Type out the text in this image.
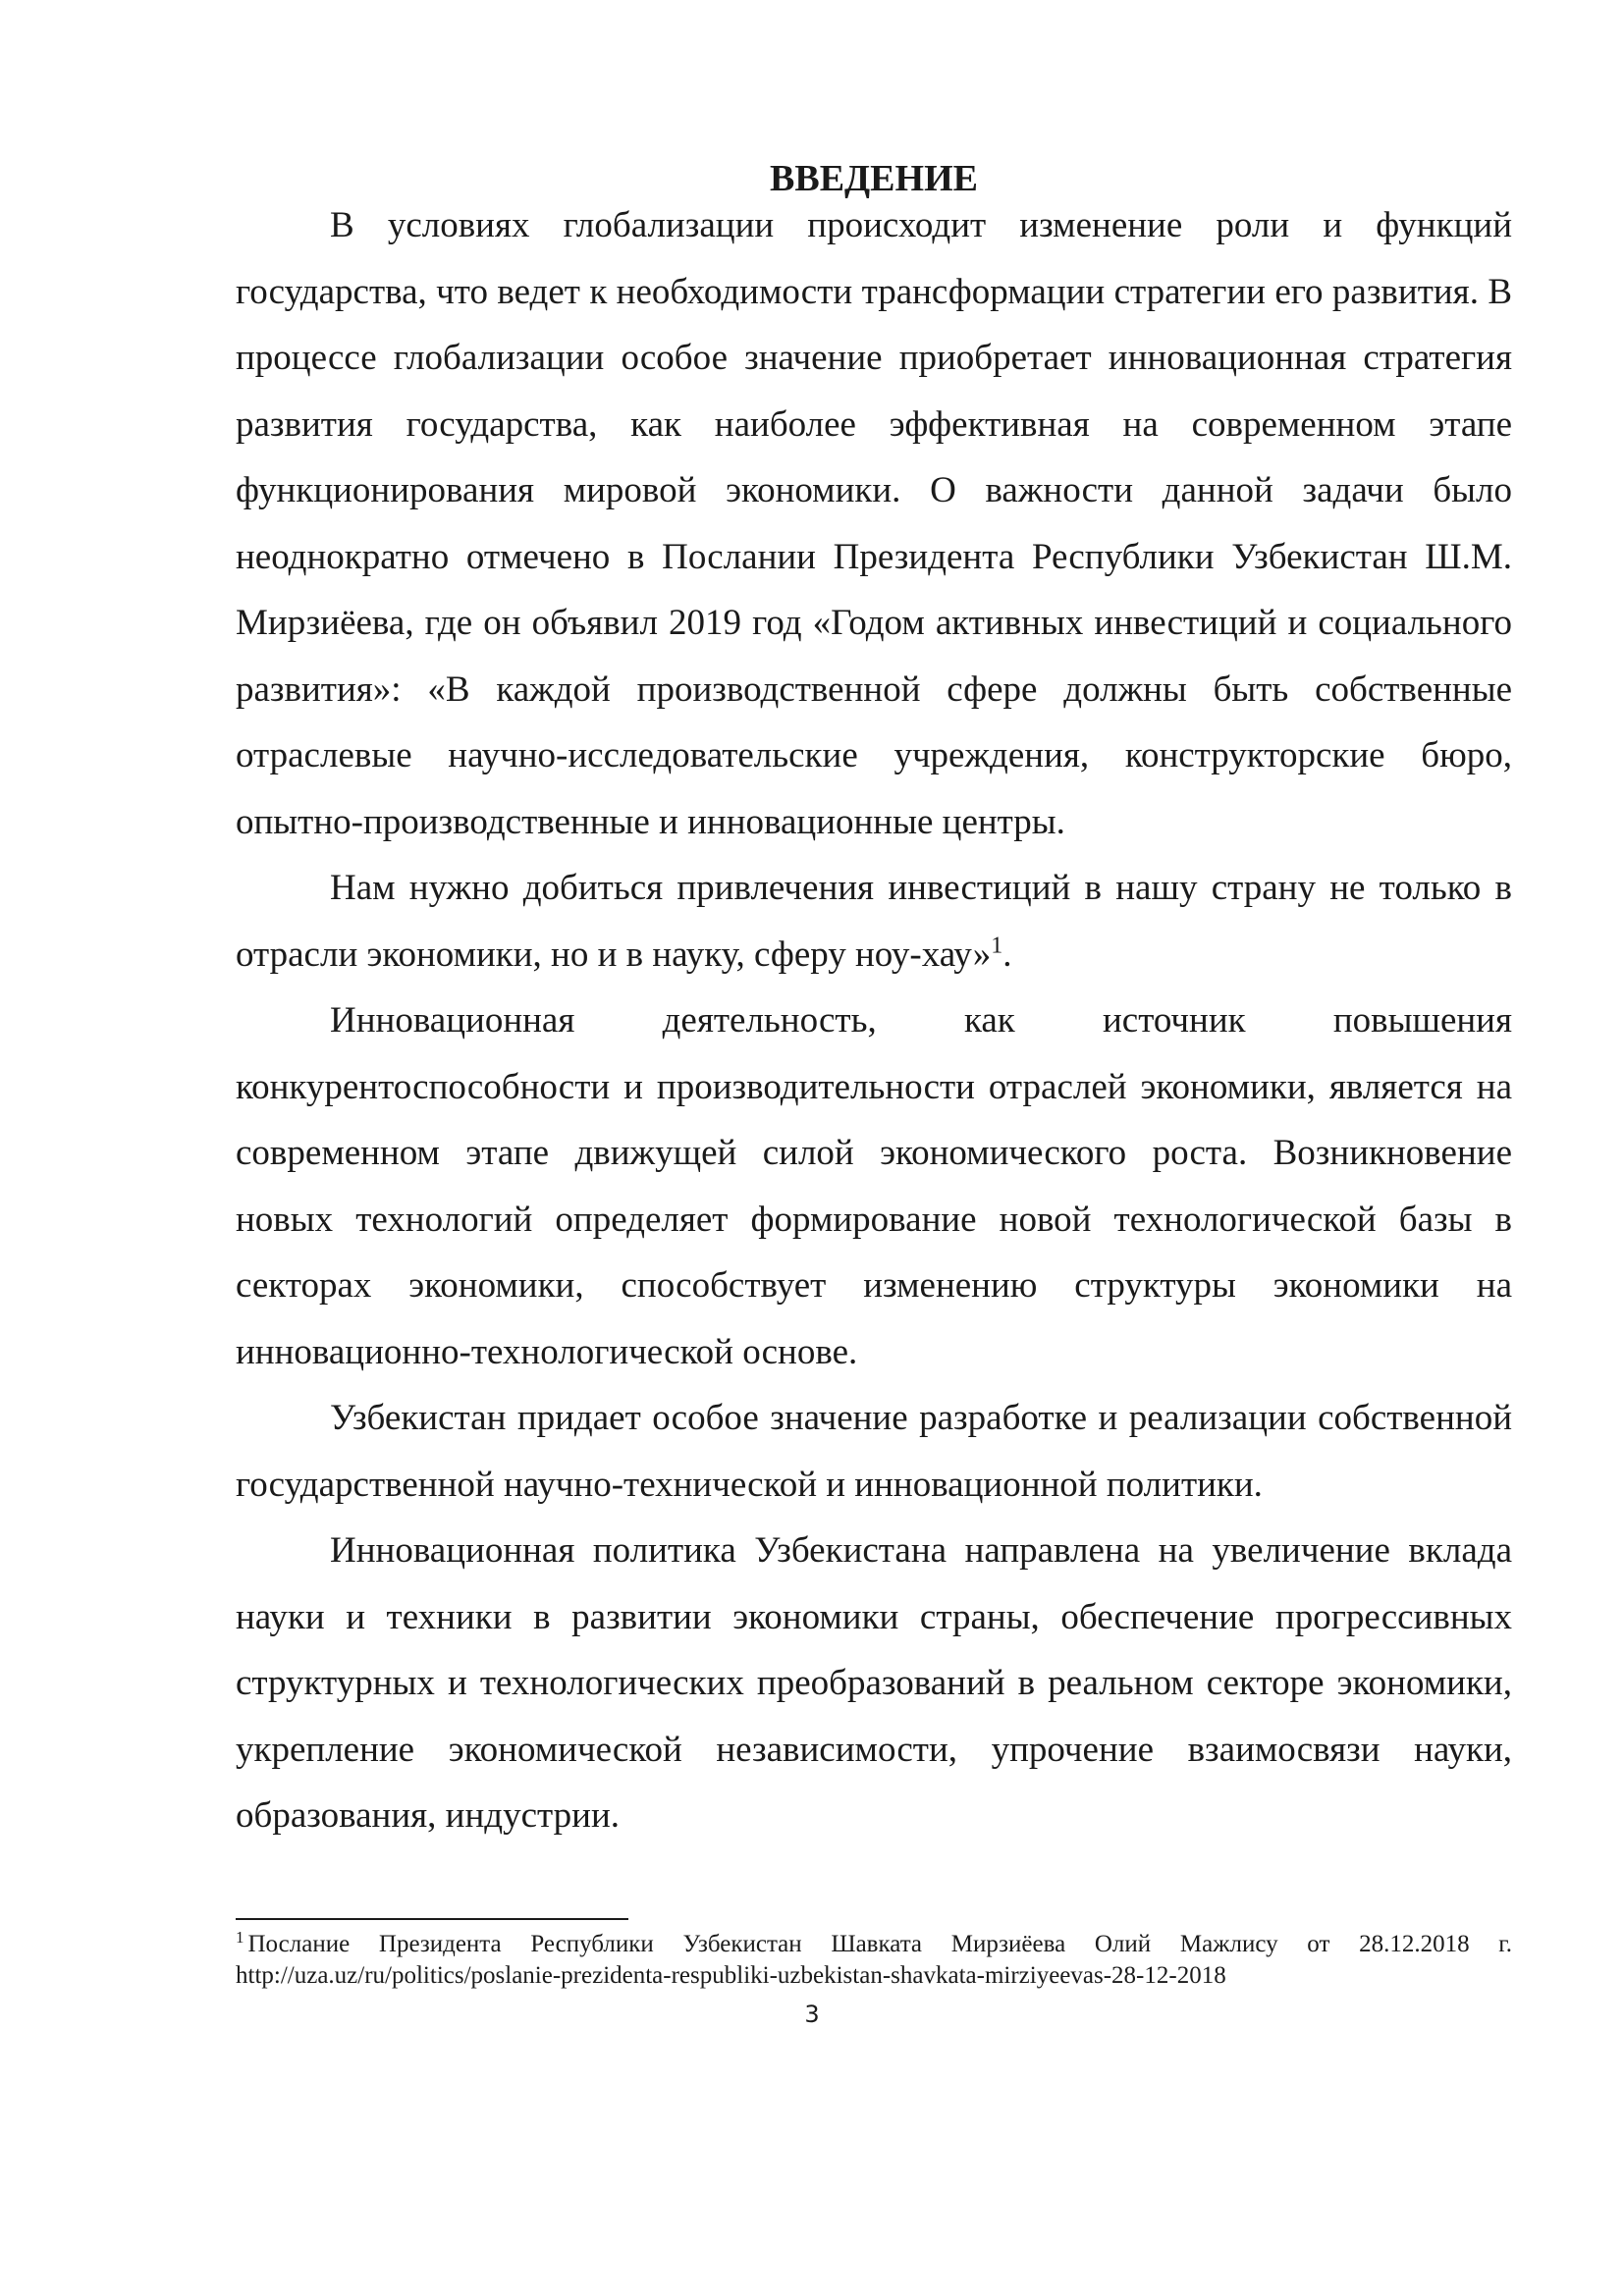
ВВЕДЕНИЕ

В условиях глобализации происходит изменение роли и функций государства, что ведет к необходимости трансформации стратегии его развития. В процессе глобализации особое значение приобретает инновационная стратегия развития государства, как наиболее эффективная на современном этапе функционирования мировой экономики. О важности данной задачи было неоднократно отмечено в Послании Президента Республики Узбекистан Ш.М. Мирзиёева, где он объявил 2019 год «Годом активных инвестиций и социального развития»: «В каждой производственной сфере должны быть собственные отраслевые научно-исследовательские учреждения, конструкторские бюро, опытно-производственные и инновационные центры.

Нам нужно добиться привлечения инвестиций в нашу страну не только в отрасли экономики, но и в науку, сферу ноу-хау»$^1$.

Инновационная деятельность, как источник повышения конкурентоспособности и производительности отраслей экономики, является на современном этапе движущей силой экономического роста. Возникновение новых технологий определяет формирование новой технологической базы в секторах экономики, способствует изменению структуры экономики на инновационно-технологической основе.

Узбекистан придает особое значение разработке и реализации собственной государственной научно-технической и инновационной политики.

Инновационная политика Узбекистана направлена на увеличение вклада науки и техники в развитии экономики страны, обеспечение прогрессивных структурных и технологических преобразований в реальном секторе экономики, укрепление экономической независимости, упрочение взаимосвязи науки, образования, индустрии.

$^1$ Послание Президента Республики Узбекистан Шавката Мирзиёева Олий Мажлису от 28.12.2018 г. http://uza.uz/ru/politics/poslanie-prezidenta-respubliki-uzbekistan-shavkata-mirziyeevas-28-12-2018

3
